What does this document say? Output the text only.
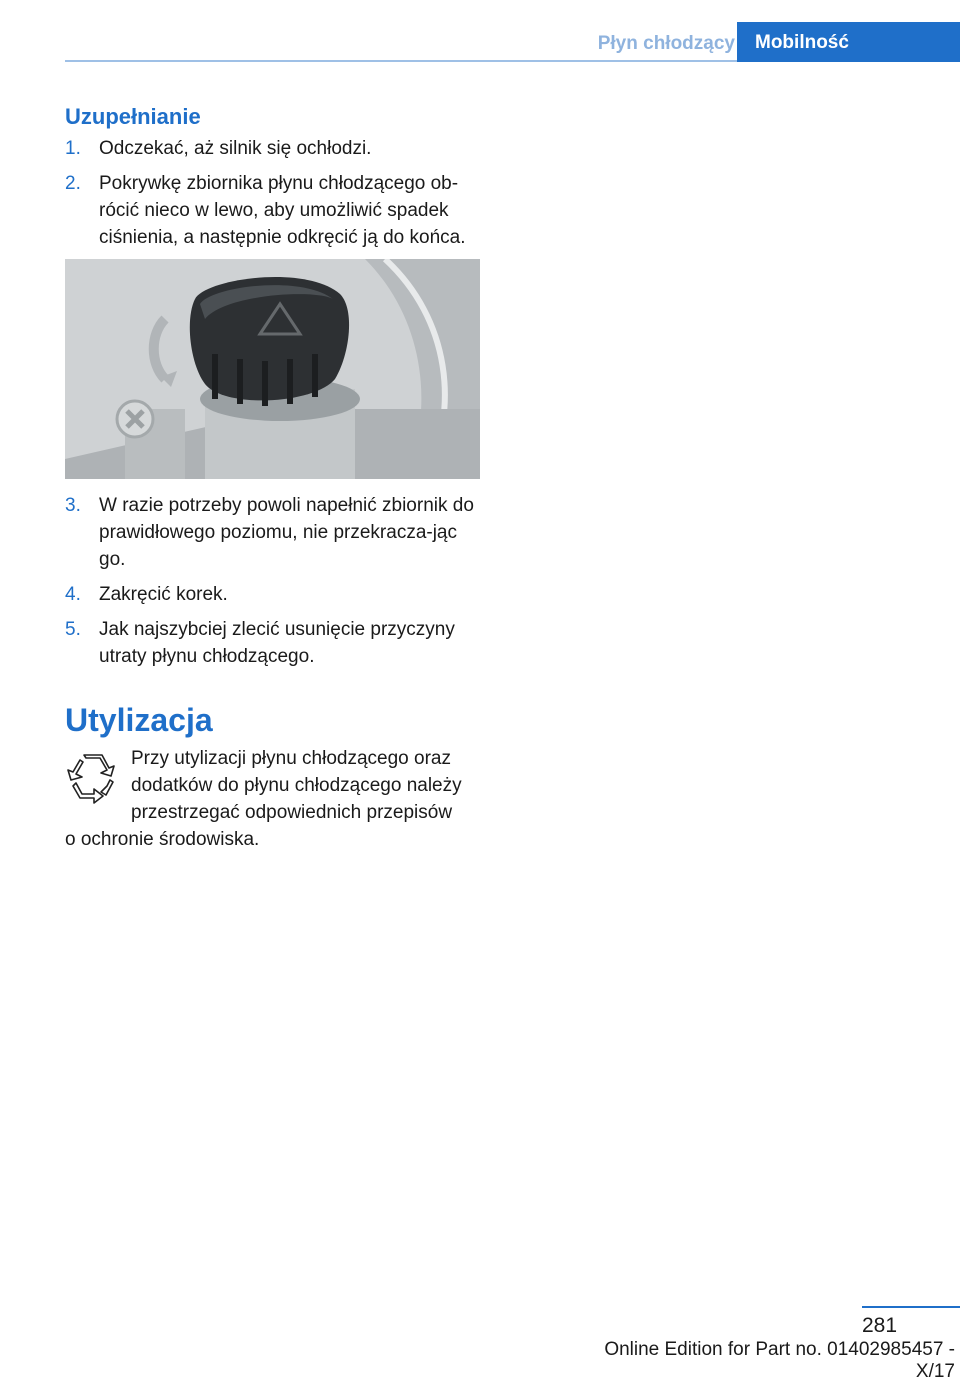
Płyn chłodzący	Mobilność
Uzupełnianie
1. Odczekać, aż silnik się ochłodzi.
2. Pokrywkę zbiornika płynu chłodzącego ob‐rócić nieco w lewo, aby umożliwić spadek ciśnienia, a następnie odkręcić ją do końca.
3. W razie potrzeby powoli napełnić zbiornik do prawidłowego poziomu, nie przekracza‐jąc go.
4. Zakręcić korek.
5. Jak najszybciej zlecić usunięcie przyczyny utraty płynu chłodzącego.
Utylizacja
Przy utylizacji płynu chłodzącego oraz dodatków do płynu chłodzącego należy przestrzegać odpowiednich przepisów
o ochronie środowiska.
281
Online Edition for Part no. 01402985457 - X/17
